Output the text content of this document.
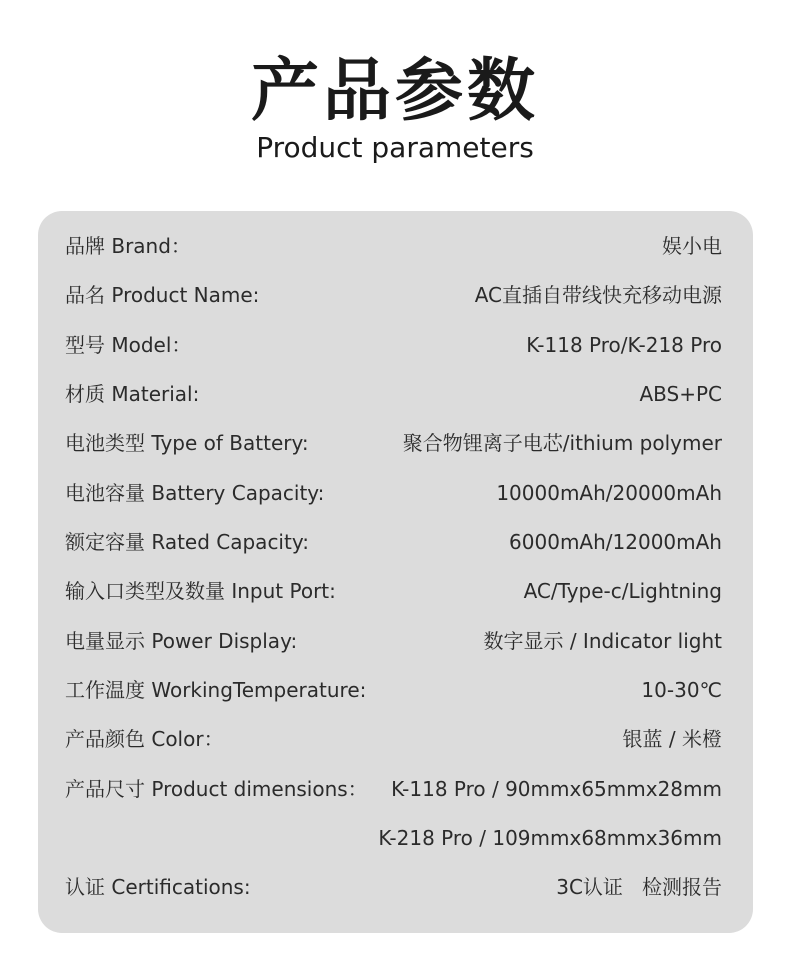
产品参数
Product parameters
品牌 Brand：	娱小电
品名 Product Name:	AC直插自带线快充移动电源
型号 Model：	K-118 Pro/K-218 Pro
材质 Material:	ABS+PC
电池类型 Type of Battery:	聚合物锂离子电芯/ithium polymer
电池容量 Battery Capacity:	10000mAh/20000mAh
额定容量 Rated Capacity:	6000mAh/12000mAh
输入口类型及数量 Input Port:	AC/Type-c/Lightning
电量显示 Power Display:	数字显示 / Indicator light
工作温度 WorkingTemperature:	10-30℃
产品颜色 Color：	银蓝 / 米橙
产品尺寸 Product dimensions： K-118 Pro / 90mmx65mmx28mm
K-218 Pro / 109mmx68mmx36mm
认证 Certifications:	3C认证   检测报告
